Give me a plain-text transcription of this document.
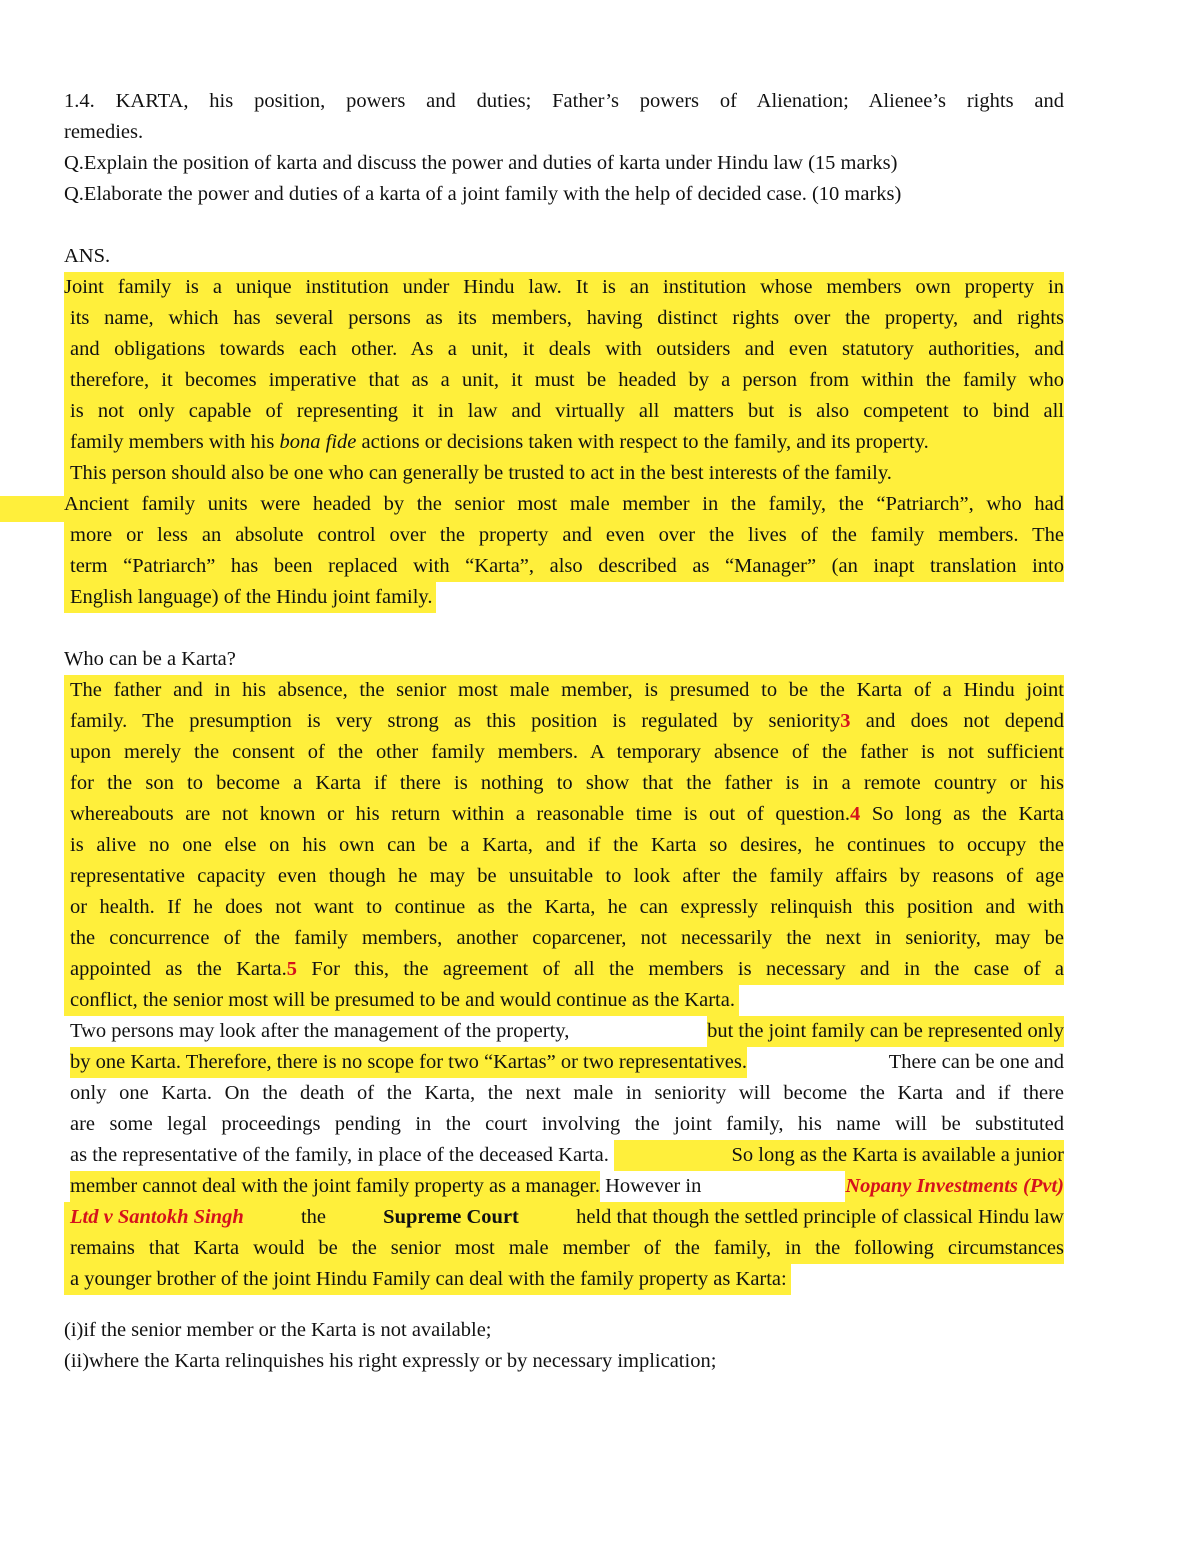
1.4. KARTA, his position, powers and duties; Father’s powers of Alienation; Alienee’s rights and
remedies.
Q.Explain the position of karta and discuss the power and duties of karta under Hindu law (15 marks)
Q.Elaborate the power and duties of a karta of a joint family with the help of decided case. (10 marks)
ANS.
Joint family is a unique institution under Hindu law. It is an institution whose members own property in
its name, which has several persons as its members, having distinct rights over the property, and rights
and obligations towards each other. As a unit, it deals with outsiders and even statutory authorities, and
therefore, it becomes imperative that as a unit, it must be headed by a person from within the family who
is not only capable of representing it in law and virtually all matters but is also competent to bind all
family members with his bona fide actions or decisions taken with respect to the family, and its property.
This person should also be one who can generally be trusted to act in the best interests of the family.
Ancient family units were headed by the senior most male member in the family, the “Patriarch”, who had
more or less an absolute control over the property and even over the lives of the family members. The
term “Patriarch” has been replaced with “Karta”, also described as “Manager” (an inapt translation into
English language) of the Hindu joint family.
Who can be a Karta?
The father and in his absence, the senior most male member, is presumed to be the Karta of a Hindu joint
family. The presumption is very strong as this position is regulated by seniority3 and does not depend
upon merely the consent of the other family members. A temporary absence of the father is not sufficient
for the son to become a Karta if there is nothing to show that the father is in a remote country or his
whereabouts are not known or his return within a reasonable time is out of question.4 So long as the Karta
is alive no one else on his own can be a Karta, and if the Karta so desires, he continues to occupy the
representative capacity even though he may be unsuitable to look after the family affairs by reasons of age
or health. If he does not want to continue as the Karta, he can expressly relinquish this position and with
the concurrence of the family members, another coparcener, not necessarily the next in seniority, may be
appointed as the Karta.5 For this, the agreement of all the members is necessary and in the case of a
conflict, the senior most will be presumed to be and would continue as the Karta.
Two persons may look after the management of the property,	but the joint family can be represented only
by one Karta. Therefore, there is no scope for two “Kartas” or two representatives.	There can be one and
only one Karta. On the death of the Karta, the next male in seniority will become the Karta and if there
are some legal proceedings pending in the court involving the joint family, his name will be substituted
as the representative of the family, in place of the deceased Karta.	So long as the Karta is available a junior
member cannot deal with the joint family property as a manager. However in	Nopany Investments (Pvt)
Ltd v Santokh Singh	the	Supreme Court	held that though the settled principle of classical Hindu law
remains that Karta would be the senior most male member of the family, in the following circumstances
a younger brother of the joint Hindu Family can deal with the family property as Karta:
(i)if the senior member or the Karta is not available;
(ii)where the Karta relinquishes his right expressly or by necessary implication;
